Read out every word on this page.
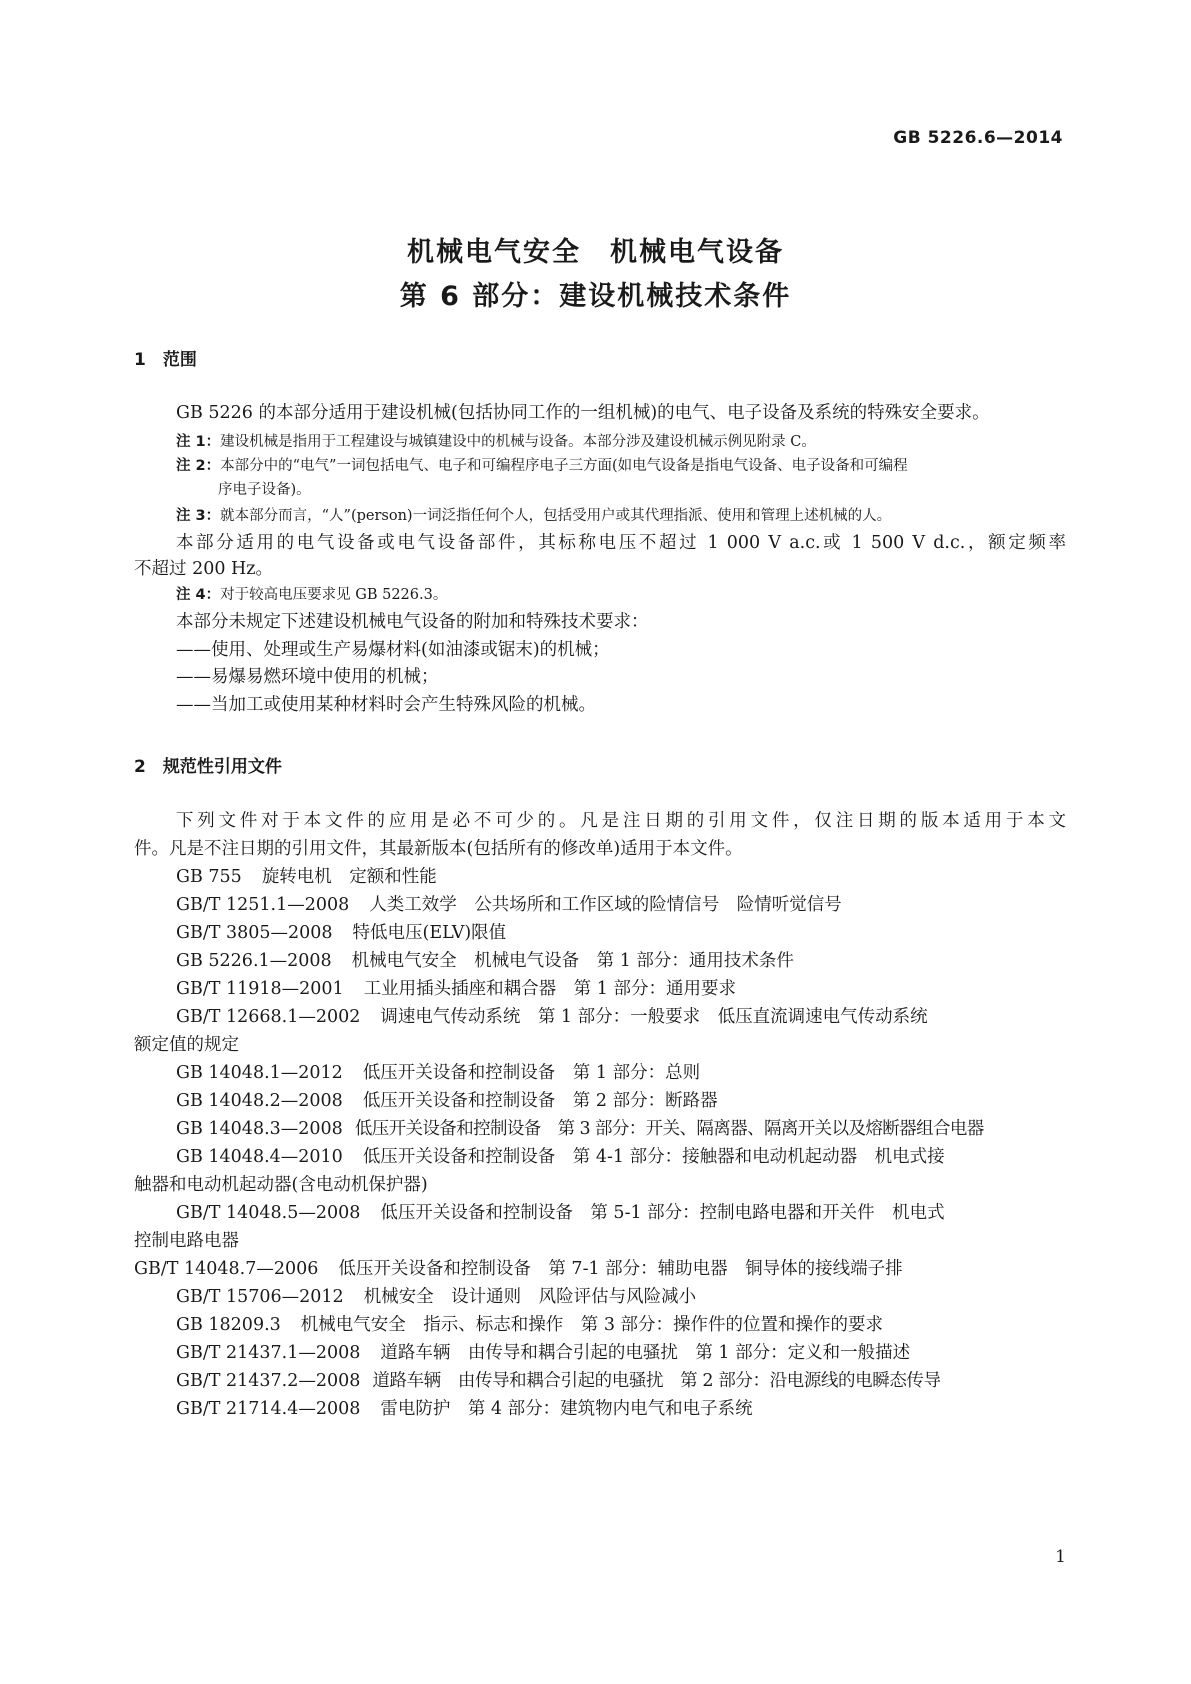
GB 5226.6—2014
机械电气安全　机械电气设备
第 6 部分：建设机械技术条件
1　范围
GB 5226 的本部分适用于建设机械(包括协同工作的一组机械)的电气、电子设备及系统的特殊安全要求。
注 1：建设机械是指用于工程建设与城镇建设中的机械与设备。本部分涉及建设机械示例见附录 C。
注 2：本部分中的“电气”一词包括电气、电子和可编程序电子三方面(如电气设备是指电气设备、电子设备和可编程
序电子设备)。
注 3：就本部分而言，“人”(person)一词泛指任何个人，包括受用户或其代理指派、使用和管理上述机械的人。
本部分适用的电气设备或电气设备部件，其标称电压不超过 1 000 V a.c.或 1 500 V d.c.，额定频率
不超过 200 Hz。
注 4：对于较高电压要求见 GB 5226.3。
本部分未规定下述建设机械电气设备的附加和特殊技术要求：
——使用、处理或生产易爆材料(如油漆或锯末)的机械；
——易爆易燃环境中使用的机械；
——当加工或使用某种材料时会产生特殊风险的机械。
2　规范性引用文件
下列文件对于本文件的应用是必不可少的。凡是注日期的引用文件，仅注日期的版本适用于本文
件。凡是不注日期的引用文件，其最新版本(包括所有的修改单)适用于本文件。
GB 755 旋转电机　定额和性能
GB/T 1251.1—2008 人类工效学　公共场所和工作区域的险情信号　险情听觉信号
GB/T 3805—2008 特低电压(ELV)限值
GB 5226.1—2008 机械电气安全　机械电气设备　第 1 部分：通用技术条件
GB/T 11918—2001 工业用插头插座和耦合器　第 1 部分：通用要求
GB/T 12668.1—2002 调速电气传动系统　第 1 部分：一般要求　低压直流调速电气传动系统
额定值的规定
GB 14048.1—2012 低压开关设备和控制设备　第 1 部分：总则
GB 14048.2—2008 低压开关设备和控制设备　第 2 部分：断路器
GB 14048.3—2008 低压开关设备和控制设备　第 3 部分：开关、隔离器、隔离开关以及熔断器组合电器
GB 14048.4—2010 低压开关设备和控制设备　第 4-1 部分：接触器和电动机起动器　机电式接
触器和电动机起动器(含电动机保护器)
GB/T 14048.5—2008 低压开关设备和控制设备　第 5-1 部分：控制电路电器和开关件　机电式
控制电路电器
GB/T 14048.7—2006 低压开关设备和控制设备　第 7-1 部分：辅助电器　铜导体的接线端子排
GB/T 15706—2012 机械安全　设计通则　风险评估与风险减小
GB 18209.3 机械电气安全　指示、标志和操作　第 3 部分：操作件的位置和操作的要求
GB/T 21437.1—2008 道路车辆　由传导和耦合引起的电骚扰　第 1 部分：定义和一般描述
GB/T 21437.2—2008 道路车辆　由传导和耦合引起的电骚扰　第 2 部分：沿电源线的电瞬态传导
GB/T 21714.4—2008 雷电防护　第 4 部分：建筑物内电气和电子系统
1
